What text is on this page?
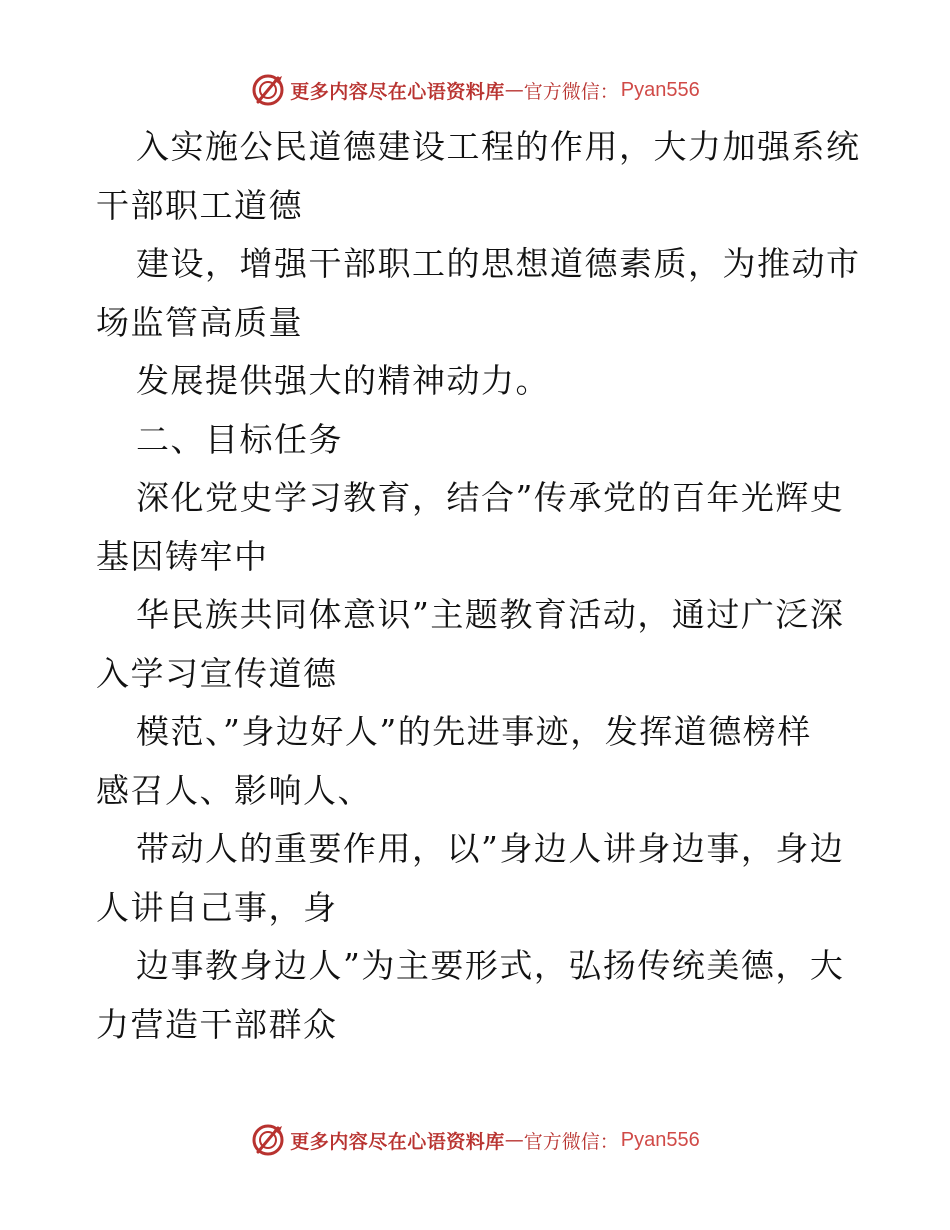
更多内容尽在心语资料库 — 官方微信： Pyan556
入实施公民道德建设工程的作用，大力加强系统
干部职工道德
建设，增强干部职工的思想道德素质，为推动市
场监管高质量
发展提供强大的精神动力。
二、目标任务
深化党史学习教育，结合”传承党的百年光辉史
基因铸牢中
华民族共同体意识”主题教育活动，通过广泛深
入学习宣传道德
模范、”身边好人”的先进事迹，发挥道德榜样
感召人、影响人、
带动人的重要作用，以”身边人讲身边事，身边
人讲自己事，身
边事教身边人”为主要形式，弘扬传统美德，大
力营造干部群众
更多内容尽在心语资料库 — 官方微信： Pyan556
